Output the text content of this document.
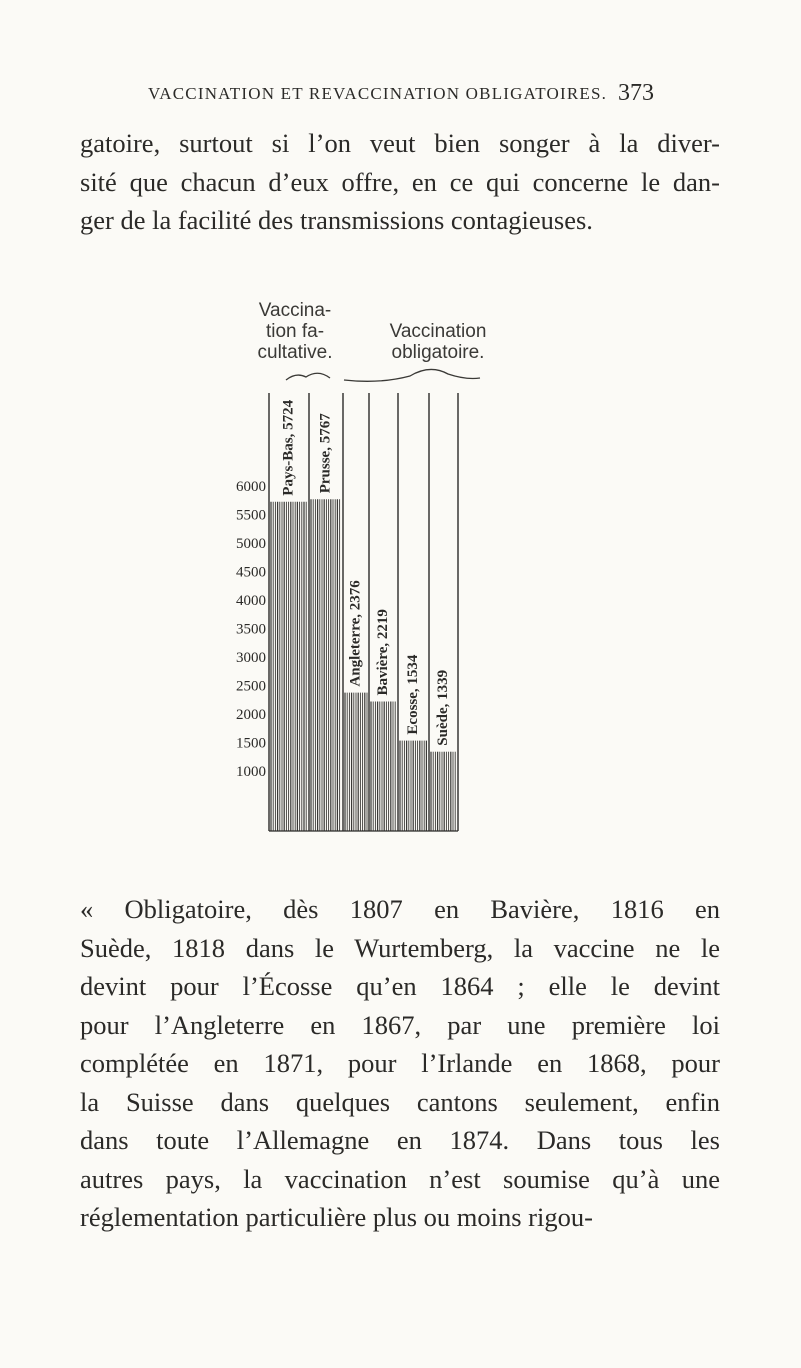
VACCINATION ET REVACCINATION OBLIGATOIRES. 373
gatoire, surtout si l’on veut bien songer à la diver-
sité que chacun d’eux offre, en ce qui concerne le dan-
ger de la facilité des transmissions contagieuses.
Vaccina-
tion fa-
cultative.
Vaccination
obligatoire.
6000
5500
5000
4500
4000
3500
3000
2500
2000
1500
1000
Pays-Bas, 5724 Prusse, 5767
Angleterre, 2376 Bavière, 2219 Ecosse, 1534 Suède, 1339
« Obligatoire, dès 1807 en Bavière, 1816 en
Suède, 1818 dans le Wurtemberg, la vaccine ne le
devint pour l’Écosse qu’en 1864 ; elle le devint
pour l’Angleterre en 1867, par une première loi
complétée en 1871, pour l’Irlande en 1868, pour
la Suisse dans quelques cantons seulement, enfin
dans toute l’Allemagne en 1874. Dans tous les
autres pays, la vaccination n’est soumise qu’à une
réglementation particulière plus ou moins rigou-
